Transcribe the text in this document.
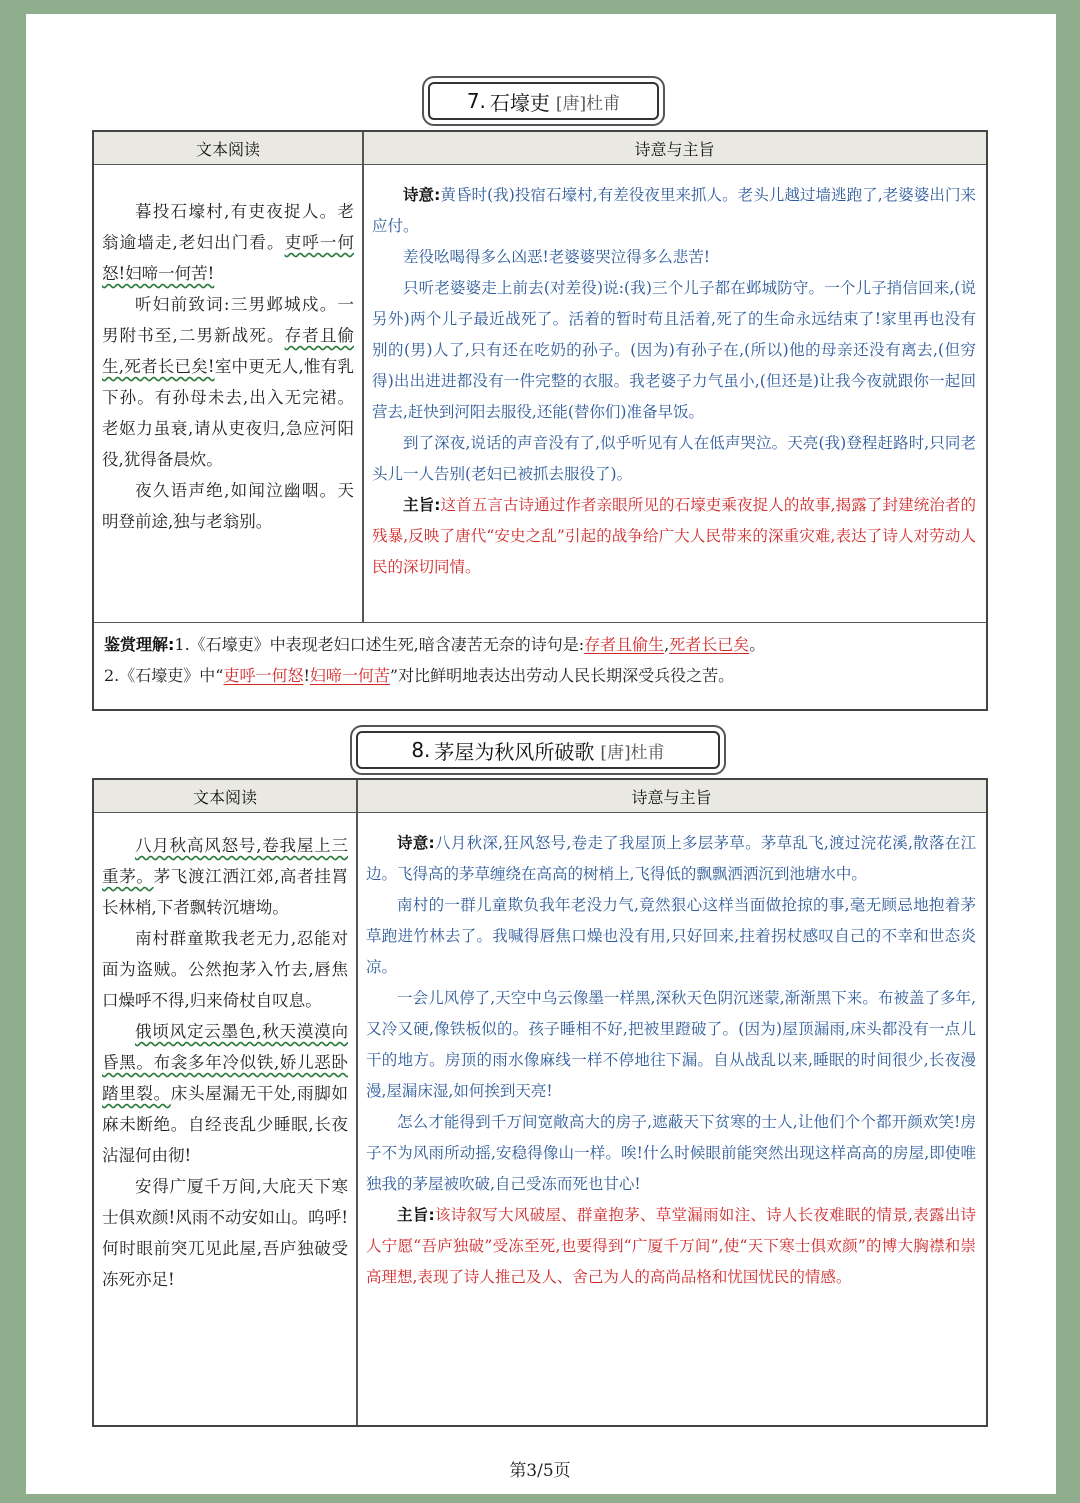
7. 石壕吏 [唐]杜甫
文本阅读	诗意与主旨

暮投石壕村,有吏夜捉人。老翁逾墙走,老妇出门看。吏呼一何怒!妇啼一何苦!

听妇前致词:三男邺城戍。一男附书至,二男新战死。存者且偷生,死者长已矣!室中更无人,惟有乳下孙。有孙母未去,出入无完裙。老妪力虽衰,请从吏夜归,急应河阳役,犹得备晨炊。

夜久语声绝,如闻泣幽咽。天明登前途,独与老翁别。

诗意:黄昏时(我)投宿石壕村,有差役夜里来抓人。老头儿越过墙逃跑了,老婆婆出门来应付。

差役吆喝得多么凶恶!老婆婆哭泣得多么悲苦!

只听老婆婆走上前去(对差役)说:(我)三个儿子都在邺城防守。一个儿子捎信回来,(说另外)两个儿子最近战死了。活着的暂时苟且活着,死了的生命永远结束了!家里再也没有别的(男)人了,只有还在吃奶的孙子。(因为)有孙子在,(所以)他的母亲还没有离去,(但穷得)出出进进都没有一件完整的衣服。我老婆子力气虽小,(但还是)让我今夜就跟你一起回营去,赶快到河阳去服役,还能(替你们)准备早饭。

到了深夜,说话的声音没有了,似乎听见有人在低声哭泣。天亮(我)登程赶路时,只同老头儿一人告别(老妇已被抓去服役了)。

主旨:这首五言古诗通过作者亲眼所见的石壕吏乘夜捉人的故事,揭露了封建统治者的残暴,反映了唐代“安史之乱”引起的战争给广大人民带来的深重灾难,表达了诗人对劳动人民的深切同情。

鉴赏理解:1.《石壕吏》中表现老妇口述生死,暗含凄苦无奈的诗句是:存者且偷生,死者长已矣。
2.《石壕吏》中“吏呼一何怒!妇啼一何苦”对比鲜明地表达出劳动人民长期深受兵役之苦。
8. 茅屋为秋风所破歌 [唐]杜甫
文本阅读	诗意与主旨

八月秋高风怒号,卷我屋上三重茅。茅飞渡江洒江郊,高者挂罥长林梢,下者飘转沉塘坳。

南村群童欺我老无力,忍能对面为盗贼。公然抱茅入竹去,唇焦口燥呼不得,归来倚杖自叹息。

俄顷风定云墨色,秋天漠漠向昏黑。布衾多年冷似铁,娇儿恶卧踏里裂。床头屋漏无干处,雨脚如麻未断绝。自经丧乱少睡眠,长夜沾湿何由彻!

安得广厦千万间,大庇天下寒士俱欢颜!风雨不动安如山。呜呼!何时眼前突兀见此屋,吾庐独破受冻死亦足!

诗意:八月秋深,狂风怒号,卷走了我屋顶上多层茅草。茅草乱飞,渡过浣花溪,散落在江边。飞得高的茅草缠绕在高高的树梢上,飞得低的飘飘洒洒沉到池塘水中。

南村的一群儿童欺负我年老没力气,竟然狠心这样当面做抢掠的事,毫无顾忌地抱着茅草跑进竹林去了。我喊得唇焦口燥也没有用,只好回来,拄着拐杖感叹自己的不幸和世态炎凉。

一会儿风停了,天空中乌云像墨一样黑,深秋天色阴沉迷蒙,渐渐黑下来。布被盖了多年,又冷又硬,像铁板似的。孩子睡相不好,把被里蹬破了。(因为)屋顶漏雨,床头都没有一点儿干的地方。房顶的雨水像麻线一样不停地往下漏。自从战乱以来,睡眠的时间很少,长夜漫漫,屋漏床湿,如何挨到天亮!

怎么才能得到千万间宽敞高大的房子,遮蔽天下贫寒的士人,让他们个个都开颜欢笑!房子不为风雨所动摇,安稳得像山一样。唉!什么时候眼前能突然出现这样高高的房屋,即使唯独我的茅屋被吹破,自己受冻而死也甘心!

主旨:该诗叙写大风破屋、群童抱茅、草堂漏雨如注、诗人长夜难眠的情景,表露出诗人宁愿“吾庐独破”受冻至死,也要得到“广厦千万间”,使“天下寒士俱欢颜”的博大胸襟和崇高理想,表现了诗人推己及人、舍己为人的高尚品格和忧国忧民的情感。

第3/5页
